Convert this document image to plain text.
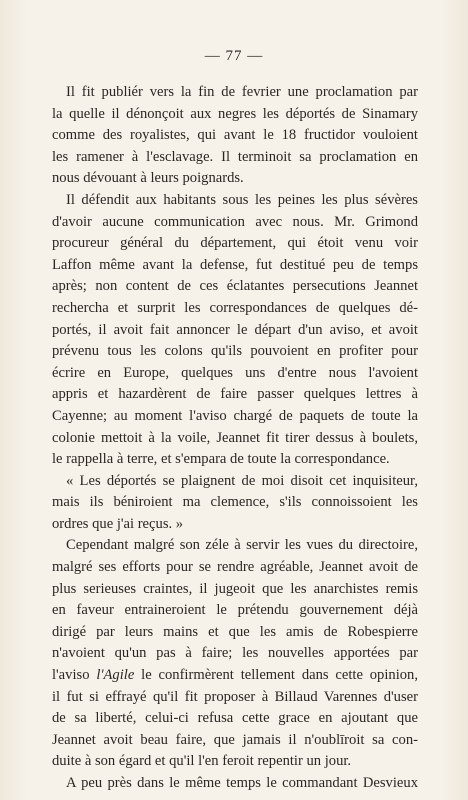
— 77 —
Il fit publiér vers la fin de fevrier une proclamation par
la quelle il dénonçoit aux negres les déportés de Sinamary
comme des royalistes, qui avant le 18 fructidor vouloient
les ramener à l'esclavage. Il terminoit sa proclamation en
nous dévouant à leurs poignards.
Il défendit aux habitants sous les peines les plus sévères
d'avoir aucune communication avec nous. Mr. Grimond
procureur général du département, qui étoit venu voir
Laffon même avant la defense, fut destitué peu de temps
après; non content de ces éclatantes persecutions Jeannet
rechercha et surprit les correspondances de quelques dé-
portés, il avoit fait annoncer le départ d'un aviso, et avoit
prévenu tous les colons qu'ils pouvoient en profiter pour
écrire en Europe, quelques uns d'entre nous l'avoient
appris et hazardèrent de faire passer quelques lettres à
Cayenne; au moment l'aviso chargé de paquets de toute la
colonie mettoit à la voile, Jeannet fit tirer dessus à boulets,
le rappella à terre, et s'empara de toute la correspondance.
« Les déportés se plaignent de moi disoit cet inquisiteur,
mais ils béniroient ma clemence, s'ils connoissoient les
ordres que j'ai reçus. »
Cependant malgré son zéle à servir les vues du directoire,
malgré ses efforts pour se rendre agréable, Jeannet avoit de
plus serieuses craintes, il jugeoit que les anarchistes remis
en faveur entraineroient le prétendu gouvernement déjà
dirigé par leurs mains et que les amis de Robespierre
n'avoient qu'un pas à faire; les nouvelles apportées par
l'aviso l'Agile le confirmèrent tellement dans cette opinion,
il fut si effrayé qu'il fit proposer à Billaud Varennes d'user
de sa liberté, celui-ci refusa cette grace en ajoutant que
Jeannet avoit beau faire, que jamais il n'oublīroit sa con-
duite à son égard et qu'il l'en feroit repentir un jour.
A peu près dans le même temps le commandant Desvieux
